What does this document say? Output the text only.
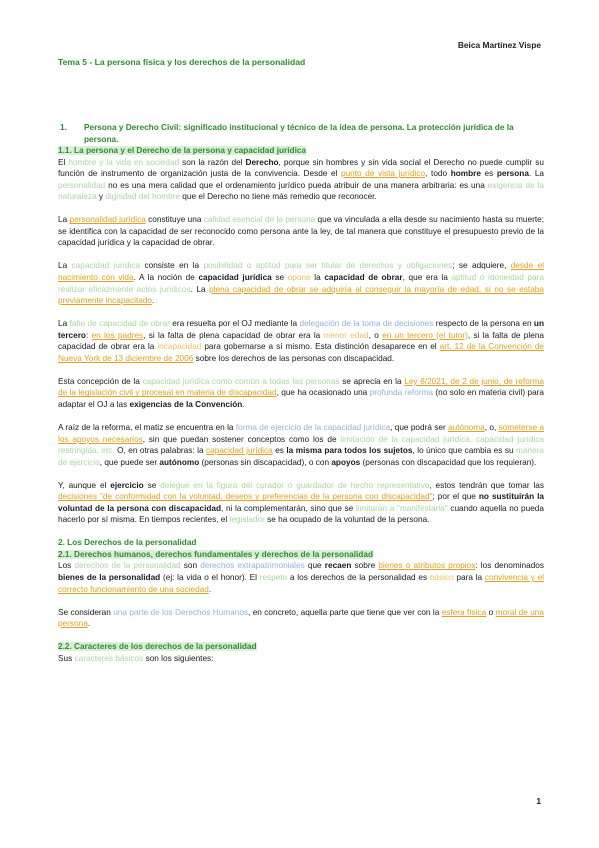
Beica Martínez Vispe
Tema 5 - La persona física y los derechos de la personalidad
1.	Persona y Derecho Civil: significado institucional y técnico de la idea de persona. La protección jurídica de la persona.
1.1. La persona y el Derecho de la persona y capacidad jurídica

El hombre y la vida en sociedad son la razón del Derecho, porque sin hombres y sin vida social el Derecho no puede cumplir su función de instrumento de organización justa de la convivencia. Desde el punto de vista jurídico, todo hombre es persona. La personalidad no es una mera calidad que el ordenamiento jurídico pueda atribuir de una manera arbitraria: es una exigencia de la naturaleza y dignidad del hombre que el Derecho no tiene más remedio que reconocer.

La personalidad jurídica constituye una calidad esencial de la persona que va vinculada a ella desde su nacimiento hasta su muerte; se identifica con la capacidad de ser reconocido como persona ante la ley, de tal manera que constituye el presupuesto previo de la capacidad jurídica y la capacidad de obrar.

La capacidad jurídica consiste en la posibilidad o aptitud para ser titular de derechos y obligaciones; se adquiere, desde el nacimiento con vida. A la noción de capacidad jurídica se opone la capacidad de obrar, que era la aptitud o idoneidad para realizar eficazmente actos jurídicos. La plena capacidad de obrar se adquiría al conseguir la mayoría de edad, si no se estaba previamente incapacitado.

La falta de capacidad de obrar era resuelta por el OJ mediante la delegación de la toma de decisiones respecto de la persona en un tercero: en los padres, si la falta de plena capacidad de obrar era la menor edad, o en un tercero (el tutor), si la falta de plena capacidad de obrar era la incapacidad para gobernarse a sí mismo. Esta distinción desaparece en el art. 12 de la Convención de Nueva York de 13 diciembre de 2006 sobre los derechos de las personas con discapacidad.

Esta concepción de la capacidad jurídica como común a todas las personas se aprecia en la Ley 8/2021, de 2 de junio, de reforma de la legislación civil y procesal en materia de discapacidad, que ha ocasionado una profunda reforma (no solo en materia civil) para adaptar el OJ a las exigencias de la Convención.

A raíz de la reforma, el matiz se encuentra en la forma de ejercicio de la capacidad jurídica, que podrá ser autónoma, o, someterse a los apoyos necesarios, sin que puedan sostener conceptos como los de limitación de la capacidad jurídica, capacidad jurídica restringida, etc. O, en otras palabras: la capacidad jurídica es la misma para todos los sujetos, lo único que cambia es su manera de ejercicio, que puede ser autónomo (personas sin discapacidad), o con apoyos (personas con discapacidad que los requieran).

Y, aunque el ejercicio se delegue en la figura del curador o guardador de hecho representativo, estos tendrán que tomar las decisiones "de conformidad con la voluntad, deseos y preferencias de la persona con discapacidad"; por el que no sustituirán la voluntad de la persona con discapacidad, ni la complementarán, sino que se limitarán a "manifestarla" cuando aquella no pueda hacerlo por sí misma. En tiempos recientes, el legislador se ha ocupado de la voluntad de la persona.

2. Los Derechos de la personalidad
2.1. Derechos humanos, derechos fundamentales y derechos de la personalidad

Los derechos de la personalidad son derechos extrapatrimoniales que recaen sobre bienes o atributos propios: los denominados bienes de la personalidad (ej: la vida o el honor). El respeto a los derechos de la personalidad es básico para la convivencia y el correcto funcionamiento de una sociedad.

Se consideran una parte de los Derechos Humanos, en concreto, aquella parte que tiene que ver con la esfera física o moral de una persona.

2.2. Caracteres de los derechos de la personalidad

Sus caracteres básicos son los siguientes:

1
